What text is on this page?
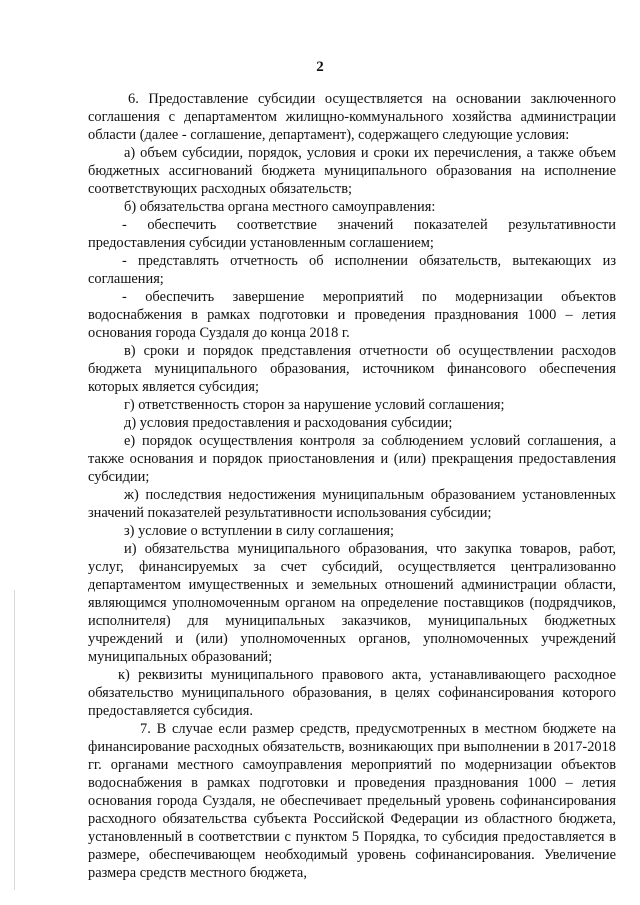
2

6. Предоставление субсидии осуществляется на основании заключенного соглашения с департаментом жилищно-коммунального хозяйства администрации области (далее - соглашение, департамент), содержащего следующие условия:

а) объем субсидии, порядок, условия и сроки их перечисления, а также объем бюджетных ассигнований бюджета муниципального образования на исполнение соответствующих расходных обязательств;

б) обязательства органа местного самоуправления:

- обеспечить соответствие значений показателей результативности предоставления субсидии установленным соглашением;

- представлять отчетность об исполнении обязательств, вытекающих из соглашения;

- обеспечить завершение мероприятий по модернизации объектов водоснабжения в рамках подготовки и проведения празднования 1000 – летия основания города Суздаля до конца 2018 г.

в) сроки и порядок представления отчетности об осуществлении расходов бюджета муниципального образования, источником финансового обеспечения которых является субсидия;

г) ответственность сторон за нарушение условий соглашения;

д) условия предоставления и расходования субсидии;

е) порядок осуществления контроля за соблюдением условий соглашения, а также основания и порядок приостановления и (или) прекращения предоставления субсидии;

ж) последствия недостижения муниципальным образованием установленных значений показателей результативности использования субсидии;

з) условие о вступлении в силу соглашения;

и) обязательства муниципального образования, что закупка товаров, работ, услуг, финансируемых за счет субсидий, осуществляется централизованно департаментом имущественных и земельных отношений администрации области, являющимся уполномоченным органом на определение поставщиков (подрядчиков, исполнителя) для муниципальных заказчиков, муниципальных бюджетных учреждений и (или) уполномоченных органов, уполномоченных учреждений муниципальных образований;

к) реквизиты муниципального правового акта, устанавливающего расходное обязательство муниципального образования, в целях софинансирования которого предоставляется субсидия.

7. В случае если размер средств, предусмотренных в местном бюджете на финансирование расходных обязательств, возникающих при выполнении в 2017-2018 гг. органами местного самоуправления мероприятий по модернизации объектов водоснабжения в рамках подготовки и проведения празднования 1000 – летия основания города Суздаля, не обеспечивает предельный уровень софинансирования расходного обязательства субъекта Российской Федерации из областного бюджета, установленный в соответствии с пунктом 5 Порядка, то субсидия предоставляется в размере, обеспечивающем необходимый уровень софинансирования. Увеличение размера средств местного бюджета,
